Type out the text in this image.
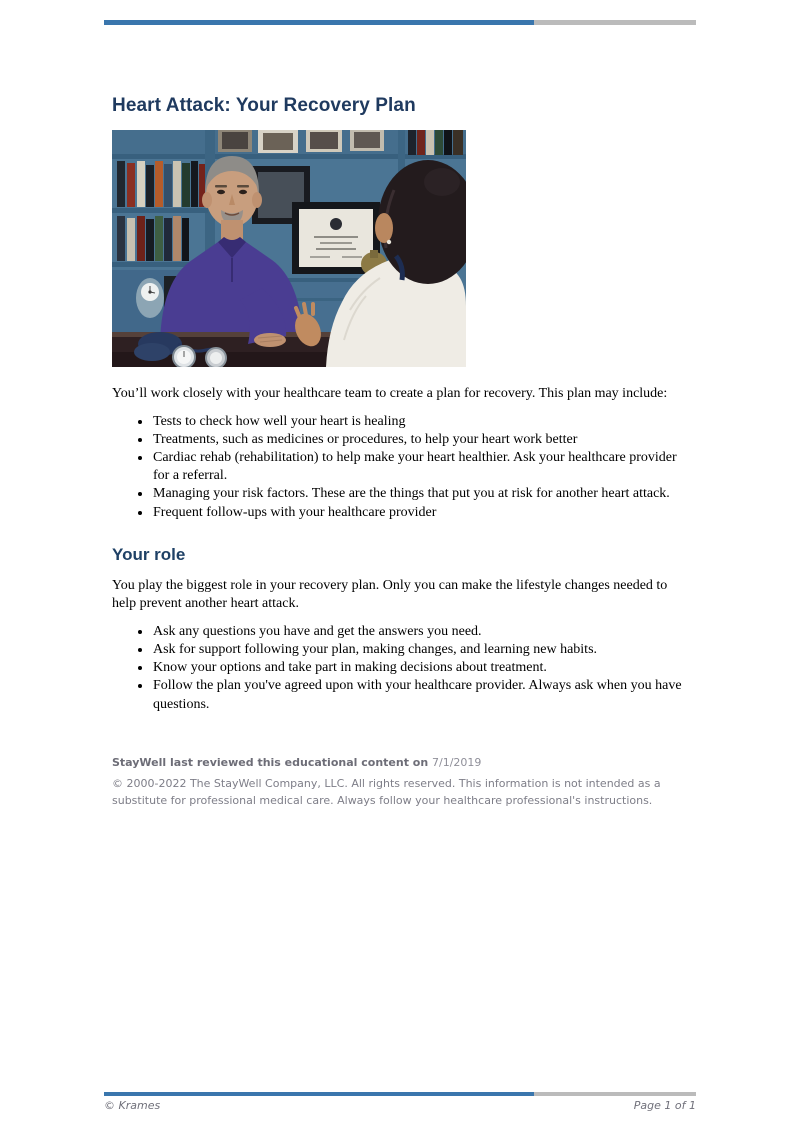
Heart Attack: Your Recovery Plan

You’ll work closely with your healthcare team to create a plan for recovery. This plan may include:

• Tests to check how well your heart is healing
• Treatments, such as medicines or procedures, to help your heart work better
• Cardiac rehab (rehabilitation) to help make your heart healthier. Ask your healthcare provider for a referral.
• Managing your risk factors. These are the things that put you at risk for another heart attack.
• Frequent follow-ups with your healthcare provider
Your role

You play the biggest role in your recovery plan. Only you can make the lifestyle changes needed to help prevent another heart attack.

• Ask any questions you have and get the answers you need.
• Ask for support following your plan, making changes, and learning new habits.
• Know your options and take part in making decisions about treatment.
• Follow the plan you've agreed upon with your healthcare provider. Always ask when you have questions.
StayWell last reviewed this educational content on 7/1/2019
© 2000-2022 The StayWell Company, LLC. All rights reserved. This information is not intended as a substitute for professional medical care. Always follow your healthcare professional's instructions.
© Krames	Page 1 of 1
